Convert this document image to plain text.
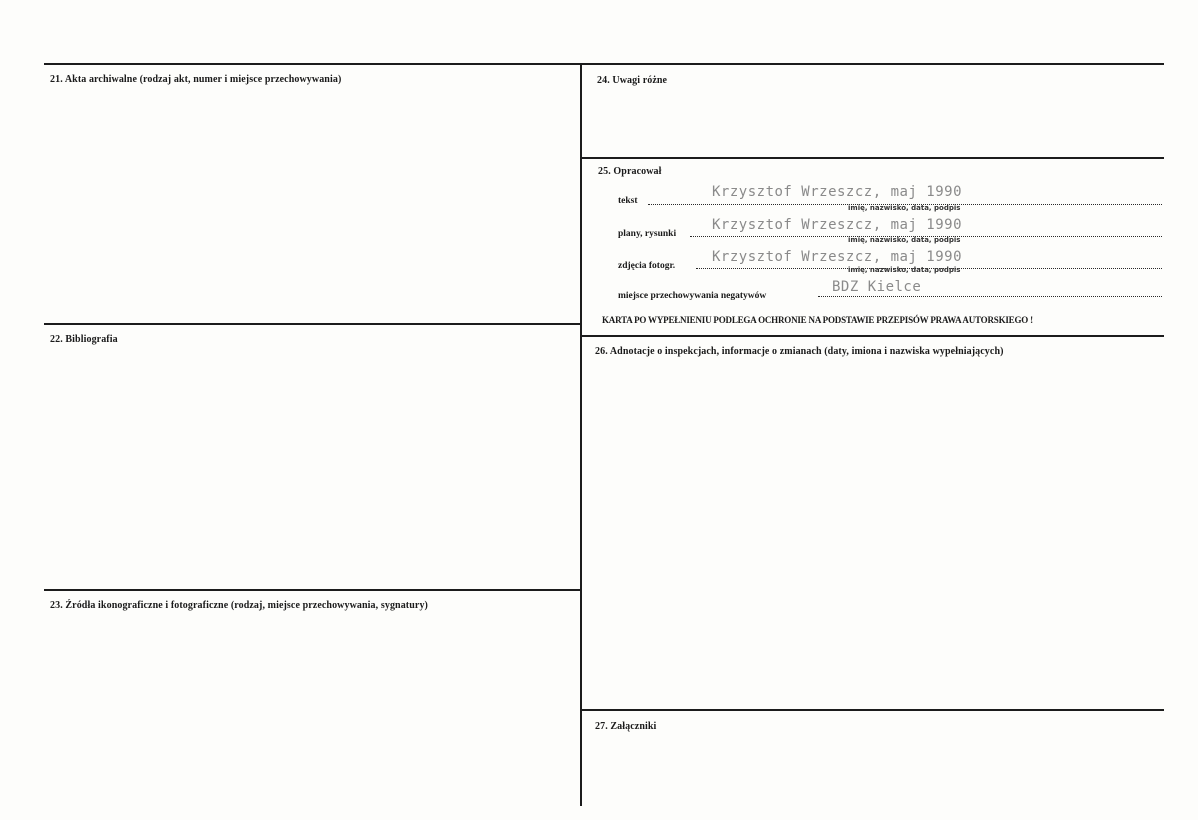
21. Akta archiwalne (rodzaj akt, numer i miejsce przechowywania)
22. Bibliografia
23. Źródła ikonograficzne i fotograficzne (rodzaj, miejsce przechowywania, sygnatury)
24. Uwagi różne
25. Opracował
26. Adnotacje o inspekcjach, informacje o zmianach (daty, imiona i nazwiska wypełniających)
27. Załączniki
tekst
Krzysztof Wrzeszcz, maj 1990
imię, nazwisko, data, podpis
plany, rysunki
Krzysztof Wrzeszcz, maj 1990
imię, nazwisko, data, podpis
zdjęcia fotogr.
Krzysztof Wrzeszcz, maj 1990
imię, nazwisko, data, podpis
miejsce przechowywania negatywów
BDZ Kielce
KARTA PO WYPEŁNIENIU PODLEGA OCHRONIE NA PODSTAWIE PRZEPISÓW PRAWA AUTORSKIEGO !
